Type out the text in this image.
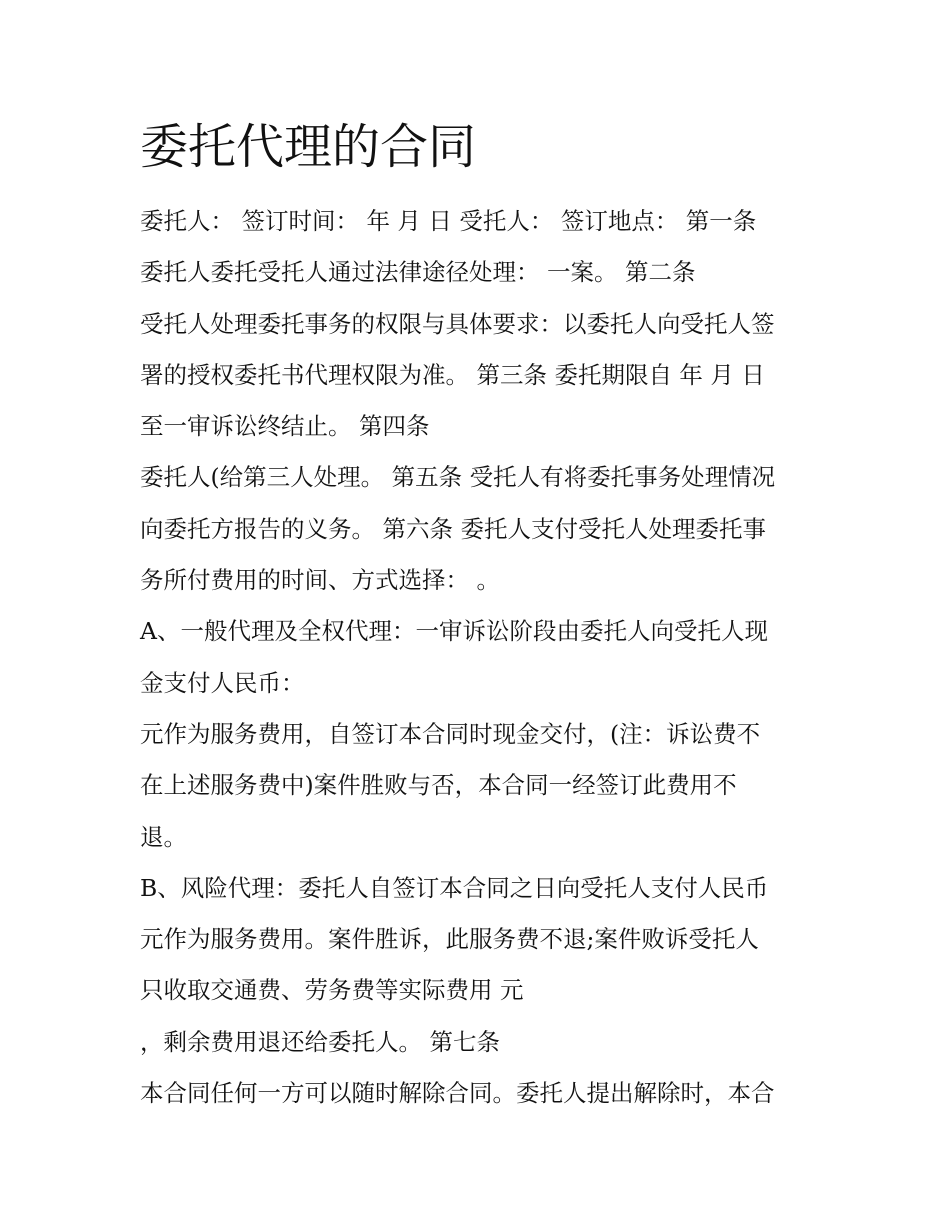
委托代理的合同
委托人： 签订时间： 年 月 日 受托人： 签订地点： 第一条
委托人委托受托人通过法律途径处理： 一案。 第二条
受托人处理委托事务的权限与具体要求：以委托人向受托人签
署的授权委托书代理权限为准。 第三条 委托期限自 年 月 日
至一审诉讼终结止。 第四条
委托人(给第三人处理。 第五条 受托人有将委托事务处理情况
向委托方报告的义务。 第六条 委托人支付受托人处理委托事
务所付费用的时间、方式选择： 。
A、一般代理及全权代理：一审诉讼阶段由委托人向受托人现
金支付人民币：
元作为服务费用，自签订本合同时现金交付，(注：诉讼费不
在上述服务费中)案件胜败与否，本合同一经签订此费用不
退。
B、风险代理：委托人自签订本合同之日向受托人支付人民币
元作为服务费用。案件胜诉，此服务费不退;案件败诉受托人
只收取交通费、劳务费等实际费用 元
，剩余费用退还给委托人。 第七条
本合同任何一方可以随时解除合同。委托人提出解除时，本合
